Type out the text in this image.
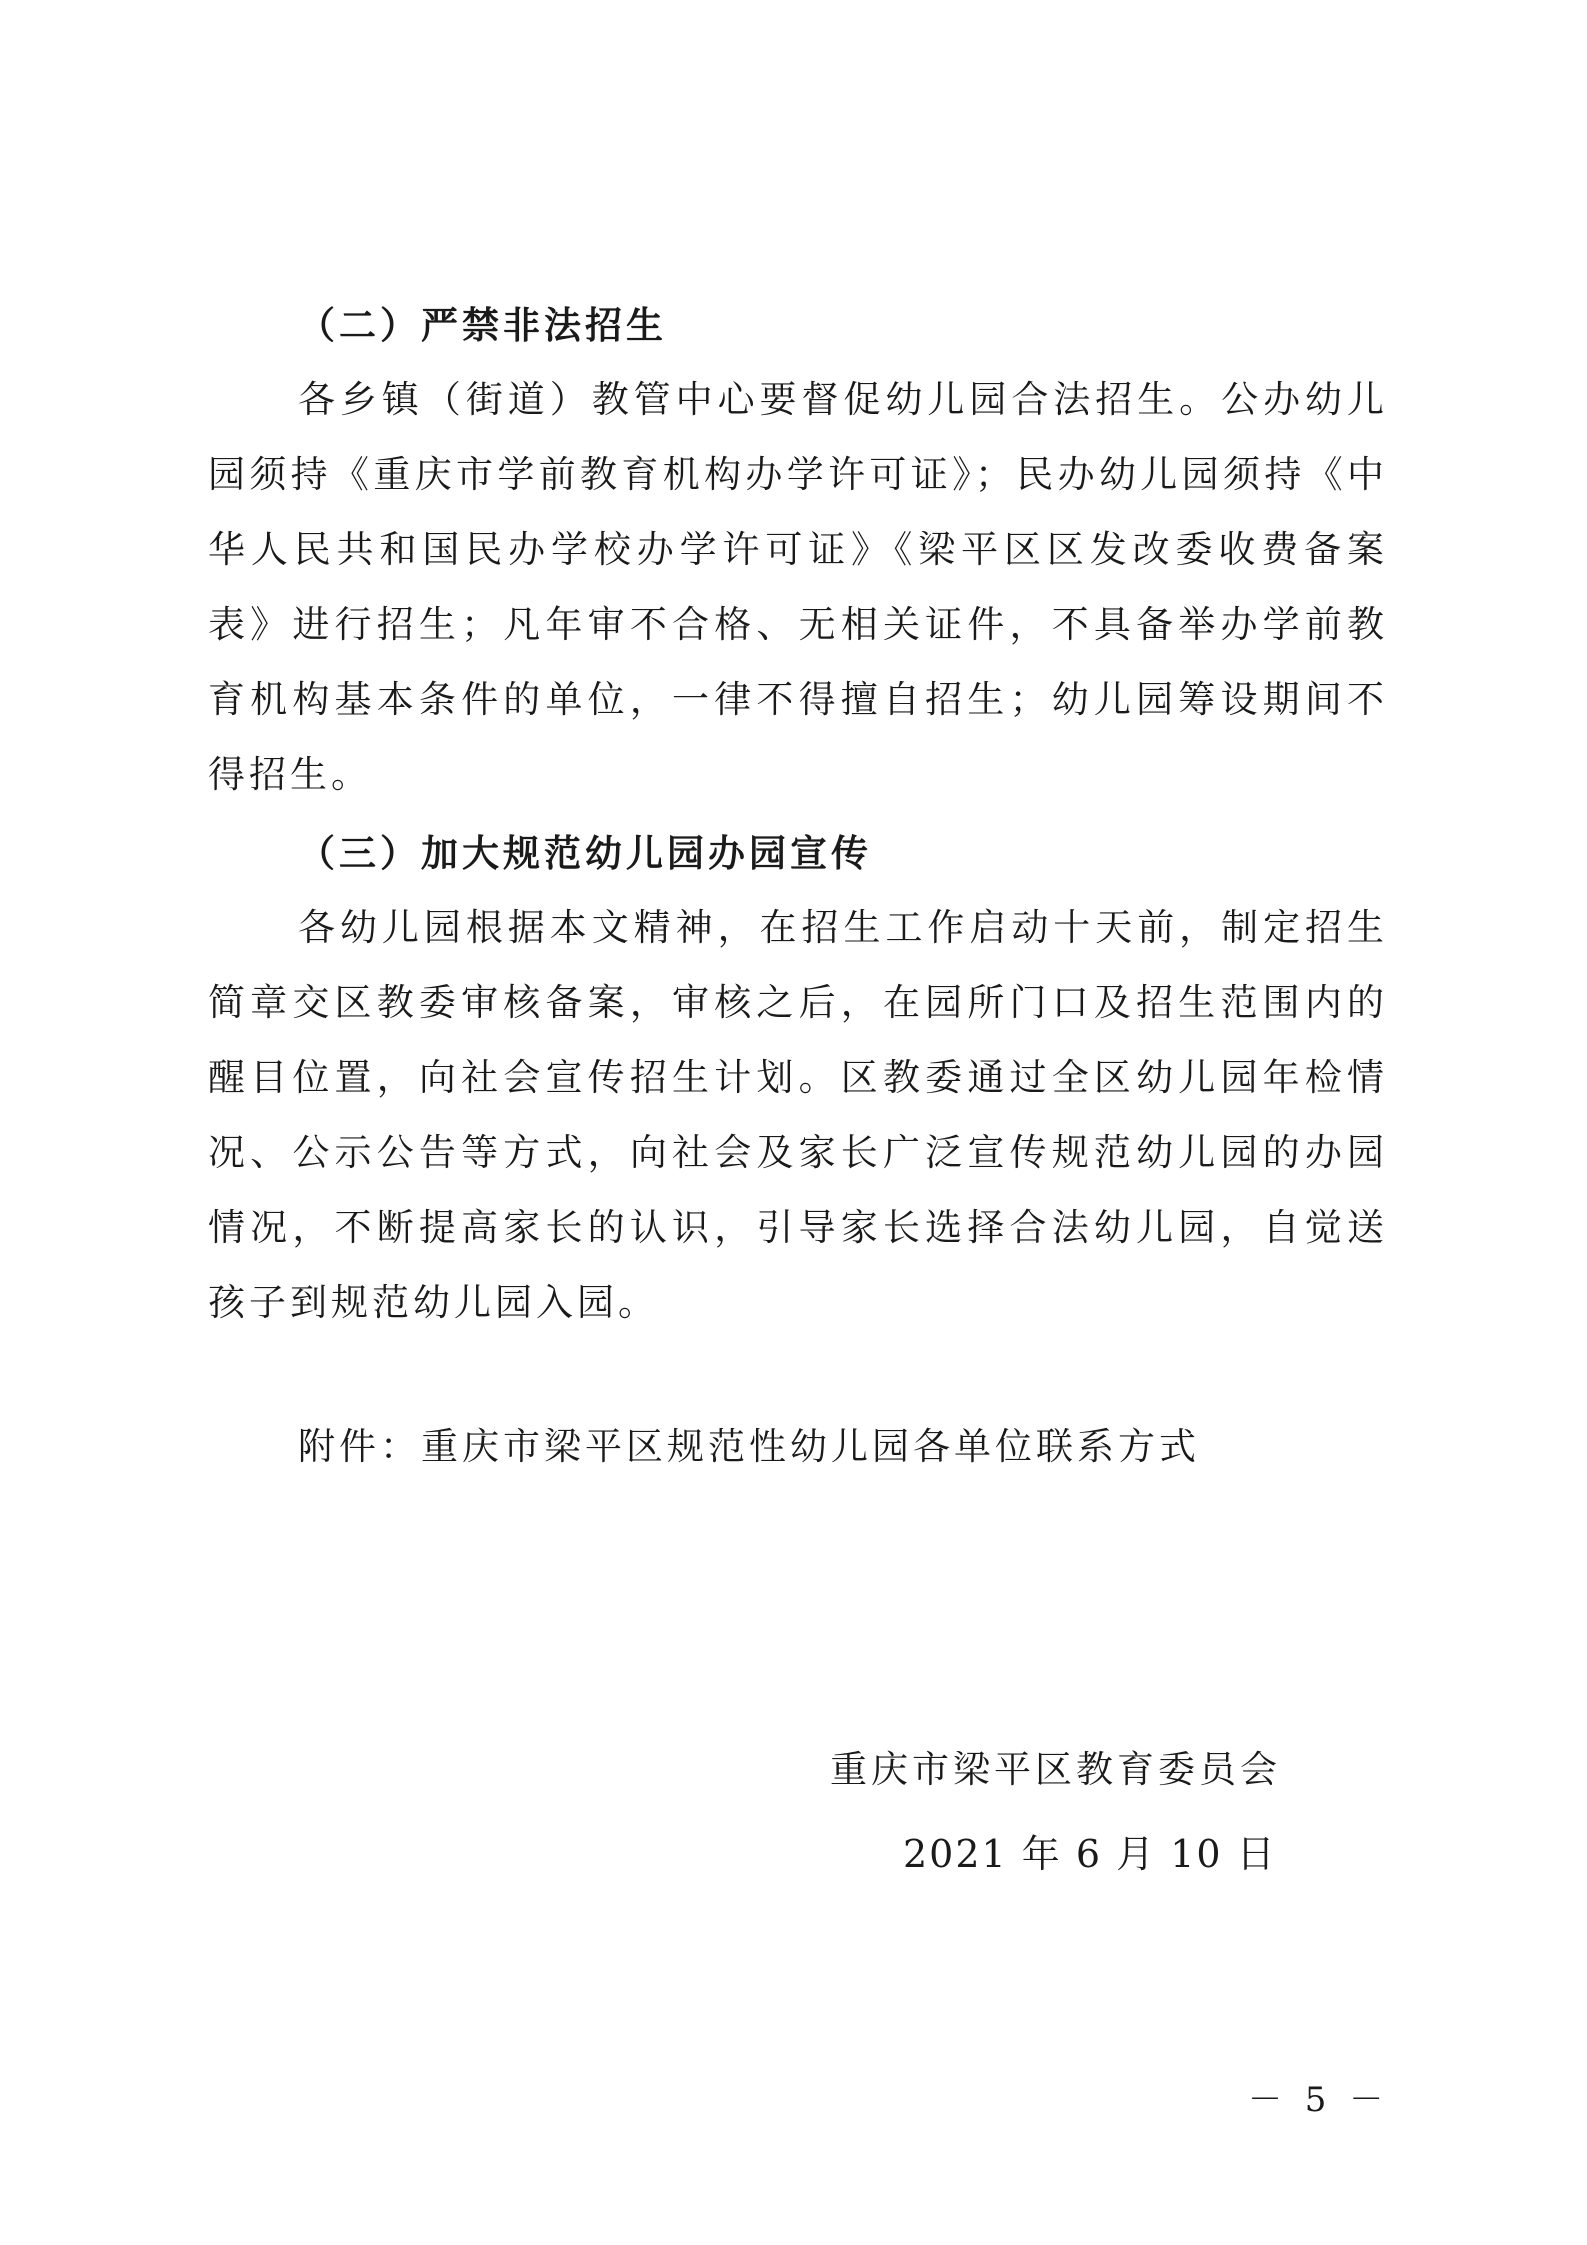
（二）严禁非法招生

各乡镇（街道）教管中心要督促幼儿园合法招生。公办幼儿园须持《重庆市学前教育机构办学许可证》；民办幼儿园须持《中华人民共和国民办学校办学许可证》《梁平区区发改委收费备案表》进行招生；凡年审不合格、无相关证件，不具备举办学前教育机构基本条件的单位，一律不得擅自招生；幼儿园筹设期间不得招生。

（三）加大规范幼儿园办园宣传

各幼儿园根据本文精神，在招生工作启动十天前，制定招生简章交区教委审核备案，审核之后，在园所门口及招生范围内的醒目位置，向社会宣传招生计划。区教委通过全区幼儿园年检情况、公示公告等方式，向社会及家长广泛宣传规范幼儿园的办园情况，不断提高家长的认识，引导家长选择合法幼儿园，自觉送孩子到规范幼儿园入园。

附件：重庆市梁平区规范性幼儿园各单位联系方式
重庆市梁平区教育委员会
2021 年 6 月 10 日
－ 5 －
